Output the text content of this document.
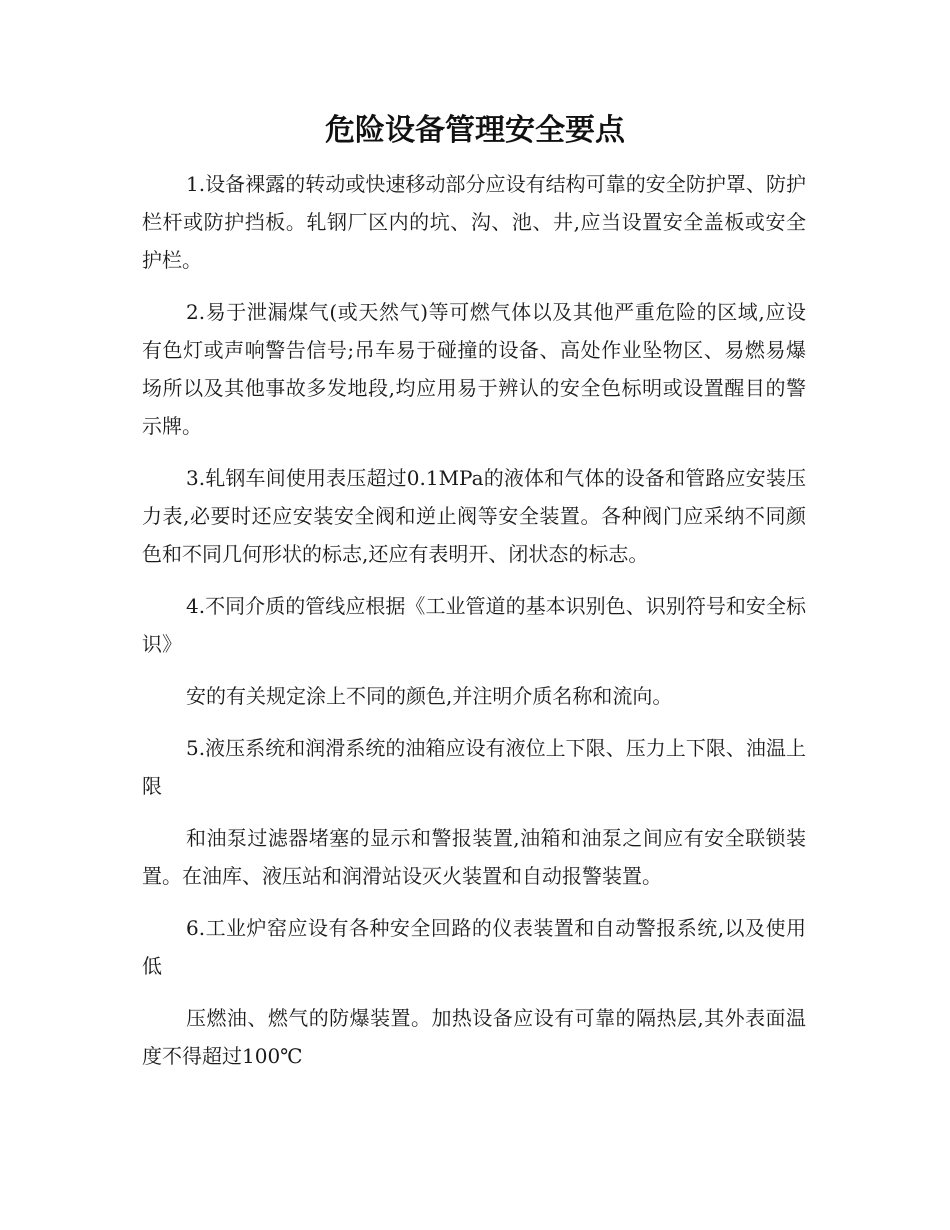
危险设备管理安全要点

1.设备裸露的转动或快速移动部分应设有结构可靠的安全防护罩、防护栏杆或防护挡板。轧钢厂区内的坑、沟、池、井,应当设置安全盖板或安全护栏。

2.易于泄漏煤气(或天然气)等可燃气体以及其他严重危险的区域,应设有色灯或声响警告信号;吊车易于碰撞的设备、高处作业坠物区、易燃易爆场所以及其他事故多发地段,均应用易于辨认的安全色标明或设置醒目的警示牌。

3.轧钢车间使用表压超过0.1MPa的液体和气体的设备和管路应安装压力表,必要时还应安装安全阀和逆止阀等安全装置。各种阀门应采纳不同颜色和不同几何形状的标志,还应有表明开、闭状态的标志。

4.不同介质的管线应根据《工业管道的基本识别色、识别符号和安全标识》

安的有关规定涂上不同的颜色,并注明介质名称和流向。

5.液压系统和润滑系统的油箱应设有液位上下限、压力上下限、油温上限

和油泵过滤器堵塞的显示和警报装置,油箱和油泵之间应有安全联锁装置。在油库、液压站和润滑站设灭火装置和自动报警装置。

6.工业炉窑应设有各种安全回路的仪表装置和自动警报系统,以及使用低

压燃油、燃气的防爆装置。加热设备应设有可靠的隔热层,其外表面温度不得超过100℃
